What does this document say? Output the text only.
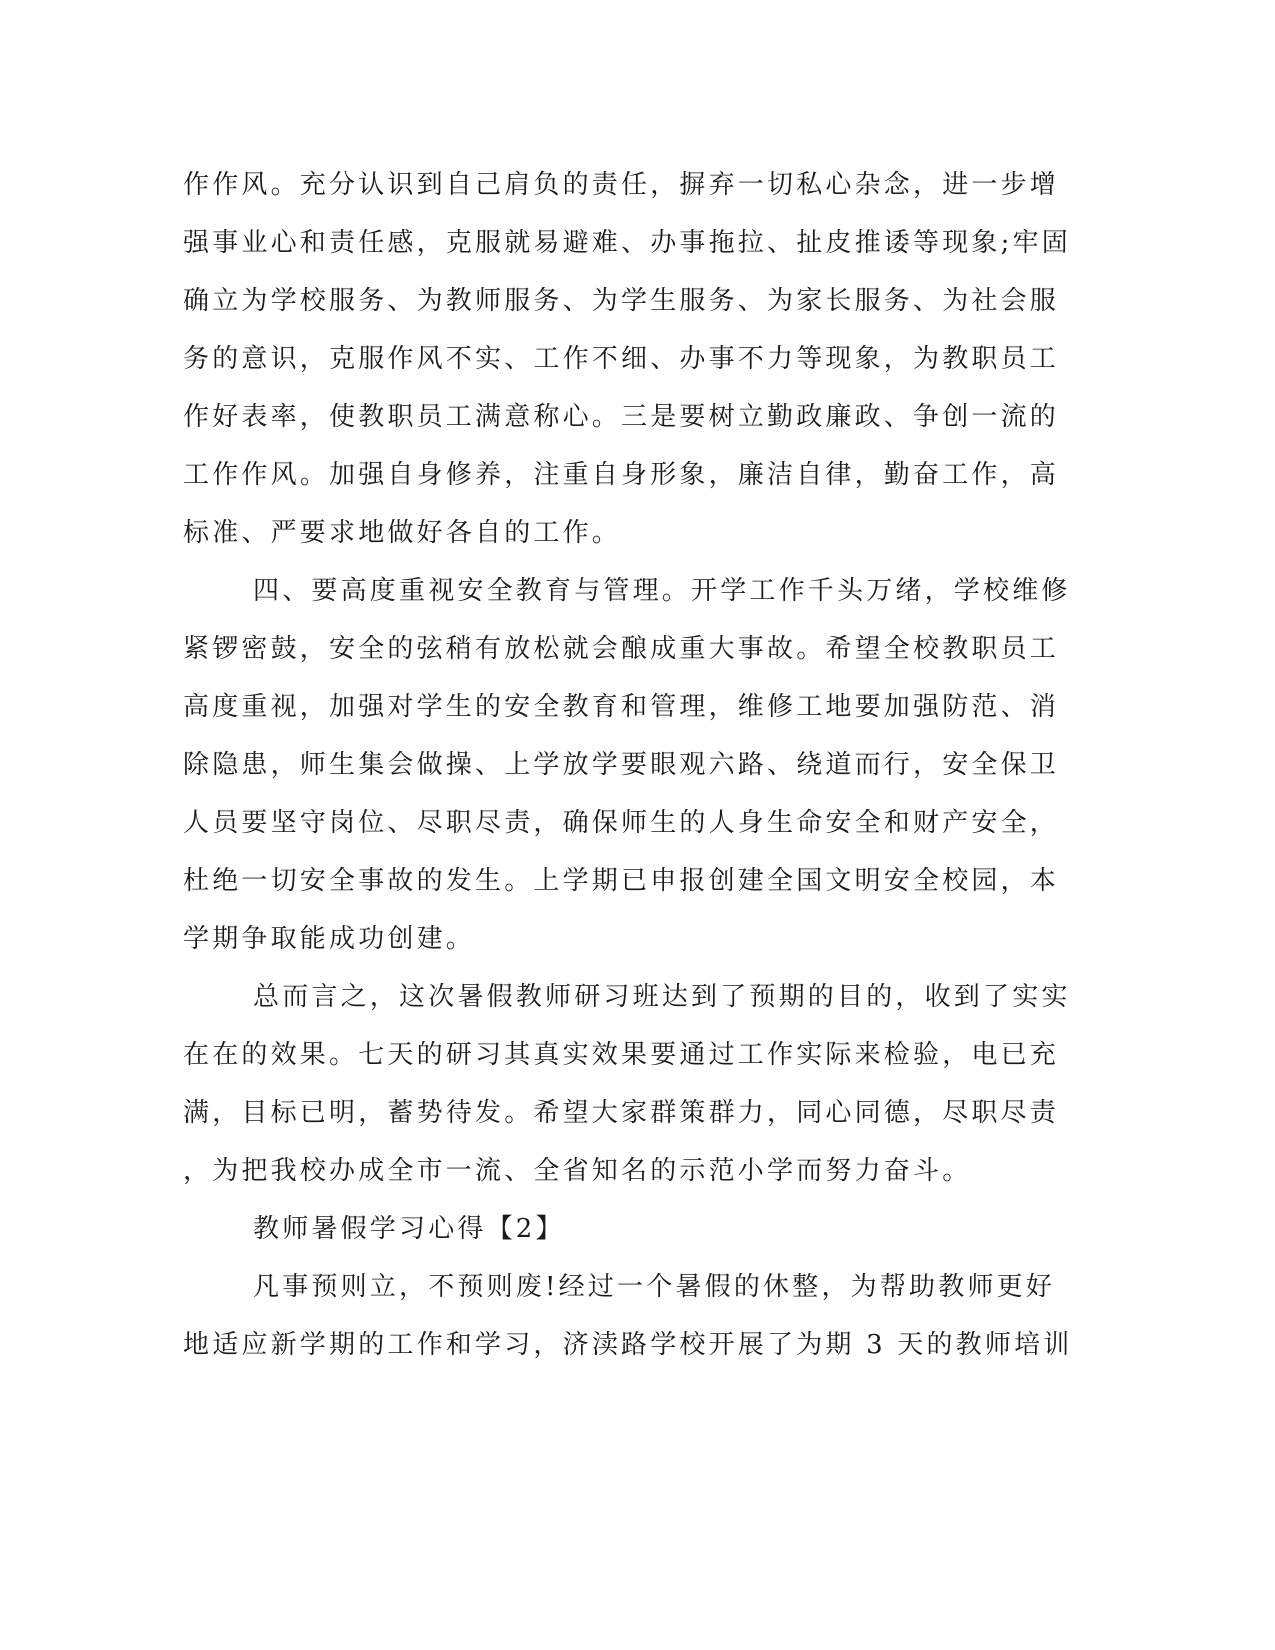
作作风。充分认识到自己肩负的责任，摒弃一切私心杂念，进一步增
强事业心和责任感，克服就易避难、办事拖拉、扯皮推诿等现象;牢固
确立为学校服务、为教师服务、为学生服务、为家长服务、为社会服
务的意识，克服作风不实、工作不细、办事不力等现象，为教职员工
作好表率，使教职员工满意称心。三是要树立勤政廉政、争创一流的
工作作风。加强自身修养，注重自身形象，廉洁自律，勤奋工作，高
标准、严要求地做好各自的工作。
四、要高度重视安全教育与管理。开学工作千头万绪，学校维修
紧锣密鼓，安全的弦稍有放松就会酿成重大事故。希望全校教职员工
高度重视，加强对学生的安全教育和管理，维修工地要加强防范、消
除隐患，师生集会做操、上学放学要眼观六路、绕道而行，安全保卫
人员要坚守岗位、尽职尽责，确保师生的人身生命安全和财产安全，
杜绝一切安全事故的发生。上学期已申报创建全国文明安全校园，本
学期争取能成功创建。
总而言之，这次暑假教师研习班达到了预期的目的，收到了实实
在在的效果。七天的研习其真实效果要通过工作实际来检验，电已充
满，目标已明，蓄势待发。希望大家群策群力，同心同德，尽职尽责
，为把我校办成全市一流、全省知名的示范小学而努力奋斗。
教师暑假学习心得【2】
凡事预则立，不预则废!经过一个暑假的休整，为帮助教师更好
地适应新学期的工作和学习，济渎路学校开展了为期 3 天的教师培训
